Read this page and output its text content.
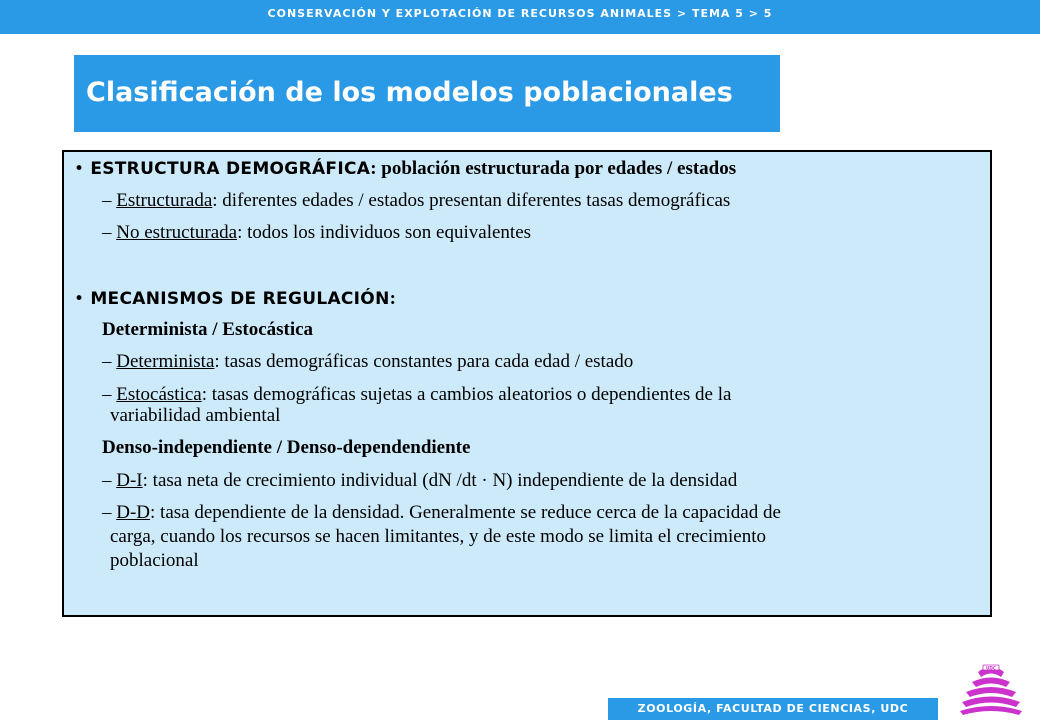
CONSERVACIÓN Y EXPLOTACIÓN DE RECURSOS ANIMALES > TEMA 5 > 5
Clasificación de los modelos poblacionales
• ESTRUCTURA DEMOGRÁFICA: población estructurada por edades / estados
– Estructurada: diferentes edades / estados presentan diferentes tasas demográficas
– No estructurada: todos los individuos son equivalentes
• MECANISMOS DE REGULACIÓN:
Determinista / Estocástica
– Determinista: tasas demográficas constantes para cada edad / estado
– Estocástica: tasas demográficas sujetas a cambios aleatorios o dependientes de la
variabilidad ambiental
Denso-independiente / Denso-dependendiente
– D-I: tasa neta de crecimiento individual (dN /dt · N) independiente de la densidad
– D-D: tasa dependiente de la densidad. Generalmente se reduce cerca de la capacidad de
carga, cuando los recursos se hacen limitantes, y de este modo se limita el crecimiento
poblacional
ZOOLOGÍA, FACULTAD DE CIENCIAS, UDC
UDC
